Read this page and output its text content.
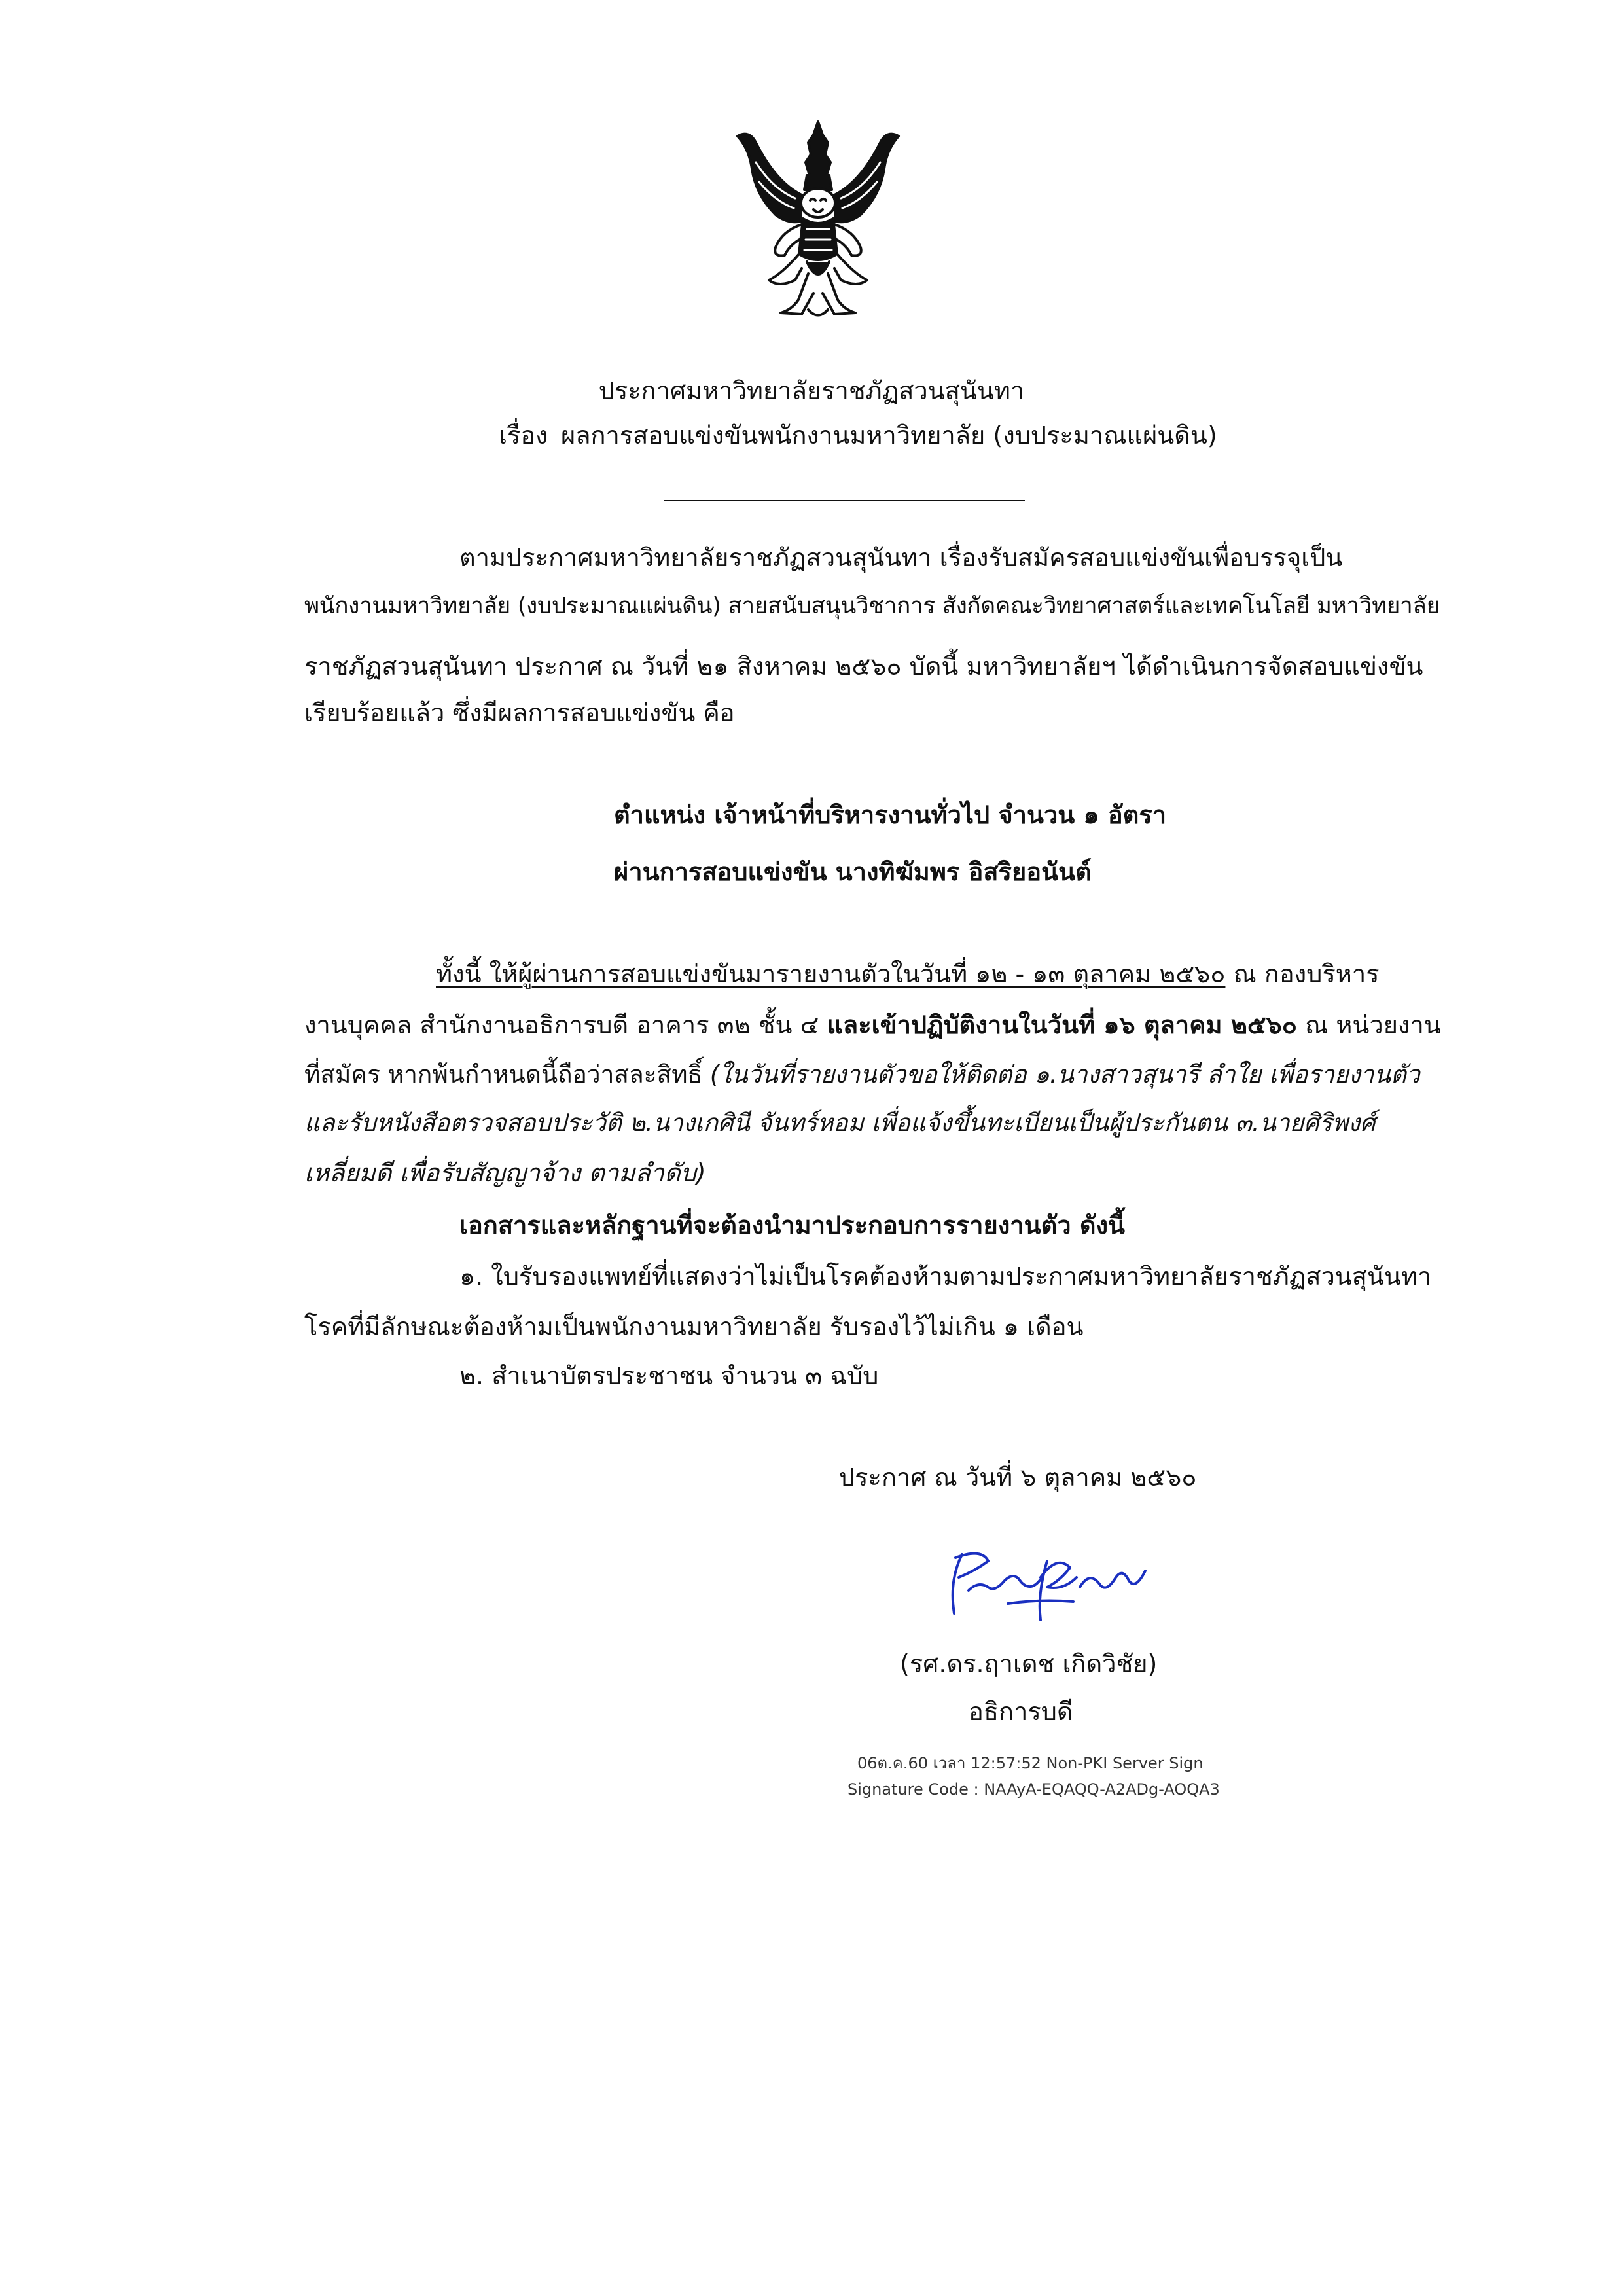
ประกาศมหาวิทยาลัยราชภัฏสวนสุนันทา
เรื่อง ผลการสอบแข่งขันพนักงานมหาวิทยาลัย (งบประมาณแผ่นดิน)
ตามประกาศมหาวิทยาลัยราชภัฏสวนสุนันทา เรื่องรับสมัครสอบแข่งขันเพื่อบรรจุเป็น
พนักงานมหาวิทยาลัย (งบประมาณแผ่นดิน) สายสนับสนุนวิชาการ สังกัดคณะวิทยาศาสตร์และเทคโนโลยี มหาวิทยาลัย
ราชภัฏสวนสุนันทา ประกาศ ณ วันที่ ๒๑ สิงหาคม ๒๕๖๐ บัดนี้ มหาวิทยาลัยฯ ได้ดำเนินการจัดสอบแข่งขัน
เรียบร้อยแล้ว ซึ่งมีผลการสอบแข่งขัน คือ
ตำแหน่ง เจ้าหน้าที่บริหารงานทั่วไป จำนวน ๑ อัตรา
ผ่านการสอบแข่งขัน นางทิฆัมพร อิสริยอนันต์
ทั้งนี้ ให้ผู้ผ่านการสอบแข่งขันมารายงานตัวในวันที่ ๑๒ - ๑๓ ตุลาคม ๒๕๖๐ ณ กองบริหาร
งานบุคคล สำนักงานอธิการบดี อาคาร ๓๒ ชั้น ๔ และเข้าปฏิบัติงานในวันที่ ๑๖ ตุลาคม ๒๕๖๐ ณ หน่วยงาน
ที่สมัคร หากพ้นกำหนดนี้ถือว่าสละสิทธิ์ (ในวันที่รายงานตัวขอให้ติดต่อ ๑.นางสาวสุนารี ลำใย เพื่อรายงานตัว
และรับหนังสือตรวจสอบประวัติ ๒.นางเกศินี จันทร์หอม เพื่อแจ้งขึ้นทะเบียนเป็นผู้ประกันตน ๓.นายศิริพงศ์
เหลี่ยมดี เพื่อรับสัญญาจ้าง ตามลำดับ)
เอกสารและหลักฐานที่จะต้องนำมาประกอบการรายงานตัว ดังนี้
๑. ใบรับรองแพทย์ที่แสดงว่าไม่เป็นโรคต้องห้ามตามประกาศมหาวิทยาลัยราชภัฏสวนสุนันทา
โรคที่มีลักษณะต้องห้ามเป็นพนักงานมหาวิทยาลัย รับรองไว้ไม่เกิน ๑ เดือน
๒. สำเนาบัตรประชาชน จำนวน ๓ ฉบับ
ประกาศ ณ วันที่ ๖ ตุลาคม ๒๕๖๐
(รศ.ดร.ฤาเดช เกิดวิชัย)
อธิการบดี
06ต.ค.60 เวลา 12:57:52 Non-PKI Server Sign
Signature Code : NAAyA-EQAQQ-A2ADg-AOQA3
